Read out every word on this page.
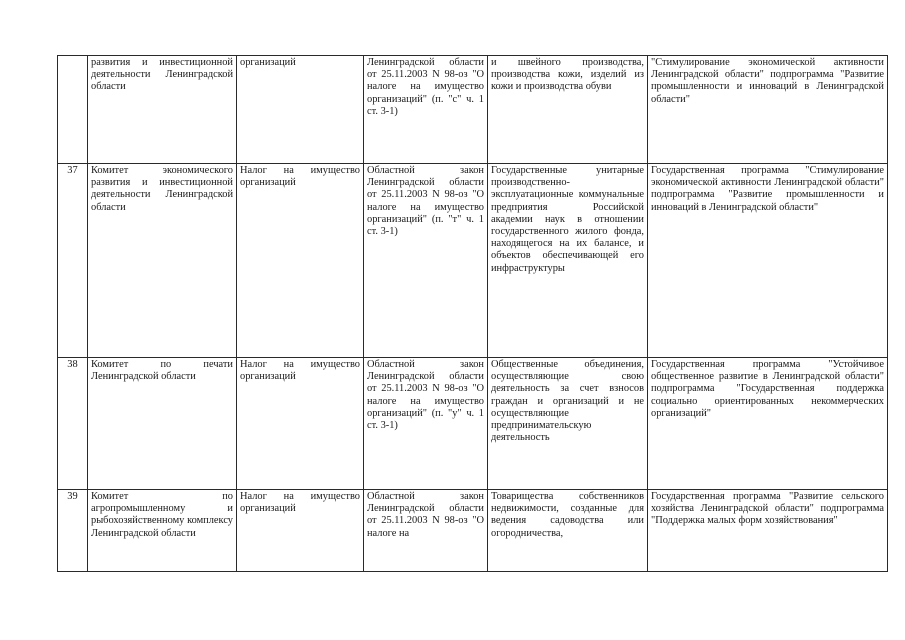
	развития и инвестиционной деятельности Ленинградской области	организаций	Ленинградской области от 25.11.2003 N 98-оз "О налоге на имущество организаций" (п. "с" ч. 1 ст. 3-1)	и швейного производства, производства кожи, изделий из кожи и производства обуви	"Стимулирование экономической активности Ленинградской области" подпрограмма "Развитие промышленности и инноваций в Ленинградской области"
37	Комитет экономического развития и инвестиционной деятельности Ленинградской области	Налог на имущество организаций	Областной закон Ленинградской области от 25.11.2003 N 98-оз "О налоге на имущество организаций" (п. "т" ч. 1 ст. 3-1)	Государственные унитарные производственно-эксплуатационные коммунальные предприятия Российской академии наук в отношении государственного жилого фонда, находящегося на их балансе, и объектов обеспечивающей его инфраструктуры	Государственная программа "Стимулирование экономической активности Ленинградской области" подпрограмма "Развитие промышленности и инноваций в Ленинградской области"
38	Комитет по печати Ленинградской области	Налог на имущество организаций	Областной закон Ленинградской области от 25.11.2003 N 98-оз "О налоге на имущество организаций" (п. "у" ч. 1 ст. 3-1)	Общественные объединения, осуществляющие свою деятельность за счет взносов граждан и организаций и не осуществляющие предпринимательскую деятельность	Государственная программа "Устойчивое общественное развитие в Ленинградской области" подпрограмма "Государственная поддержка социально ориентированных некоммерческих организаций"

39	Комитет по агропромышленному и рыбохозяйственному комплексу Ленинградской области	Налог на имущество организаций	Областной закон Ленинградской области от 25.11.2003 N 98-оз "О налоге на	Товарищества собственников недвижимости, созданные для ведения садоводства или огородничества,	Государственная программа "Развитие сельского хозяйства Ленинградской области" подпрограмма "Поддержка малых форм хозяйствования"
